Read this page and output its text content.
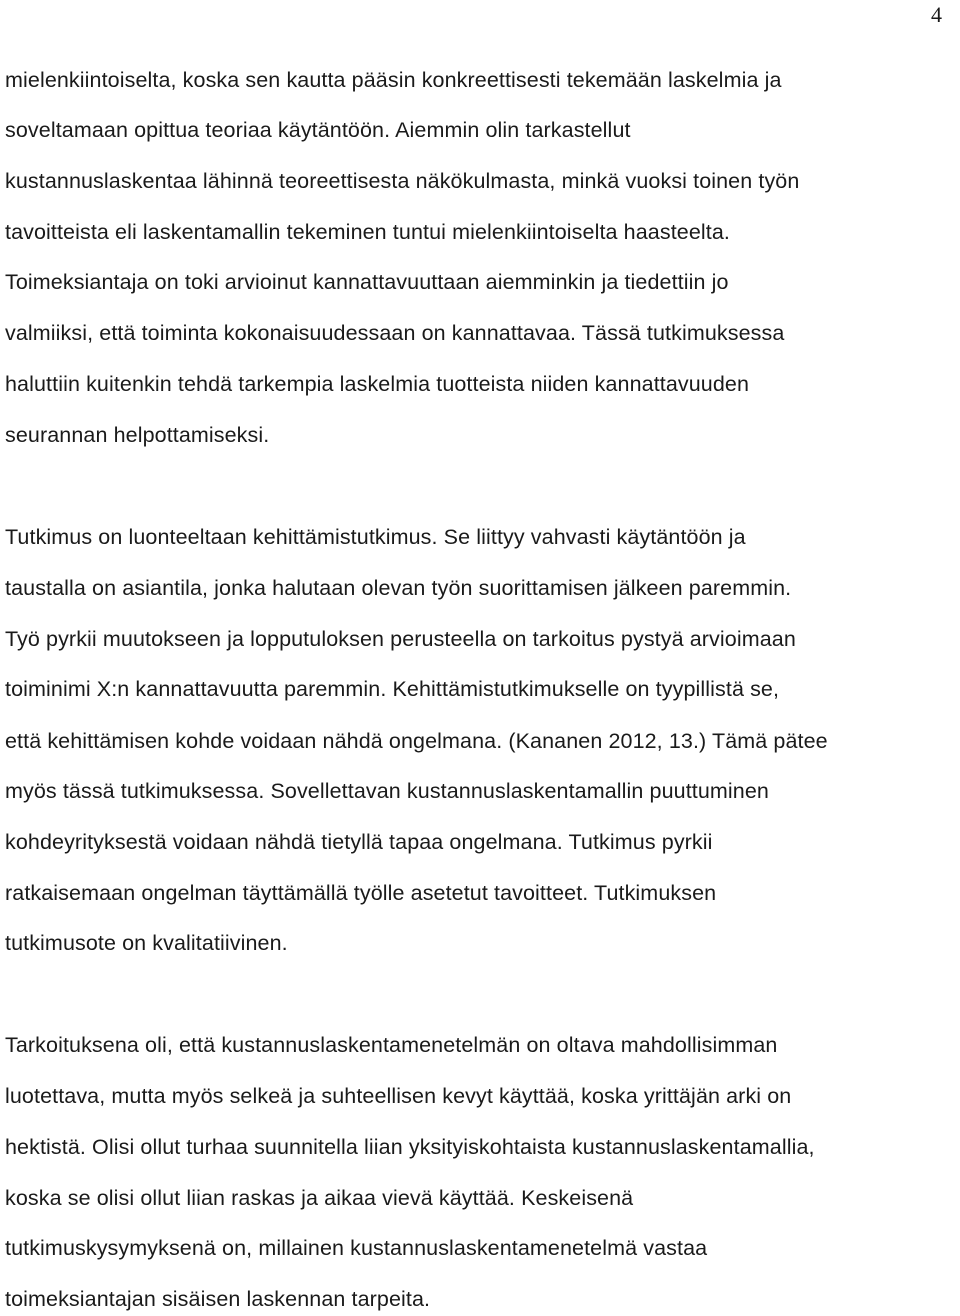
4
mielenkiintoiselta, koska sen kautta pääsin konkreettisesti tekemään laskelmia ja
soveltamaan opittua teoriaa käytäntöön. Aiemmin olin tarkastellut
kustannuslaskentaa lähinnä teoreettisesta näkökulmasta, minkä vuoksi toinen työn
tavoitteista eli laskentamallin tekeminen tuntui mielenkiintoiselta haasteelta.
Toimeksiantaja on toki arvioinut kannattavuuttaan aiemminkin ja tiedettiin jo
valmiiksi, että toiminta kokonaisuudessaan on kannattavaa. Tässä tutkimuksessa
haluttiin kuitenkin tehdä tarkempia laskelmia tuotteista niiden kannattavuuden
seurannan helpottamiseksi.
Tutkimus on luonteeltaan kehittämistutkimus. Se liittyy vahvasti käytäntöön ja
taustalla on asiantila, jonka halutaan olevan työn suorittamisen jälkeen paremmin.
Työ pyrkii muutokseen ja lopputuloksen perusteella on tarkoitus pystyä arvioimaan
toiminimi X:n kannattavuutta paremmin. Kehittämistutkimukselle on tyypillistä se,
että kehittämisen kohde voidaan nähdä ongelmana. (Kananen 2012, 13.) Tämä pätee
myös tässä tutkimuksessa. Sovellettavan kustannuslaskentamallin puuttuminen
kohdeyrityksestä voidaan nähdä tietyllä tapaa ongelmana. Tutkimus pyrkii
ratkaisemaan ongelman täyttämällä työlle asetetut tavoitteet. Tutkimuksen
tutkimusote on kvalitatiivinen.
Tarkoituksena oli, että kustannuslaskentamenetelmän on oltava mahdollisimman
luotettava, mutta myös selkeä ja suhteellisen kevyt käyttää, koska yrittäjän arki on
hektistä. Olisi ollut turhaa suunnitella liian yksityiskohtaista kustannuslaskentamallia,
koska se olisi ollut liian raskas ja aikaa vievä käyttää. Keskeisenä
tutkimuskysymyksenä on, millainen kustannuslaskentamenetelmä vastaa
toimeksiantajan sisäisen laskennan tarpeita.
